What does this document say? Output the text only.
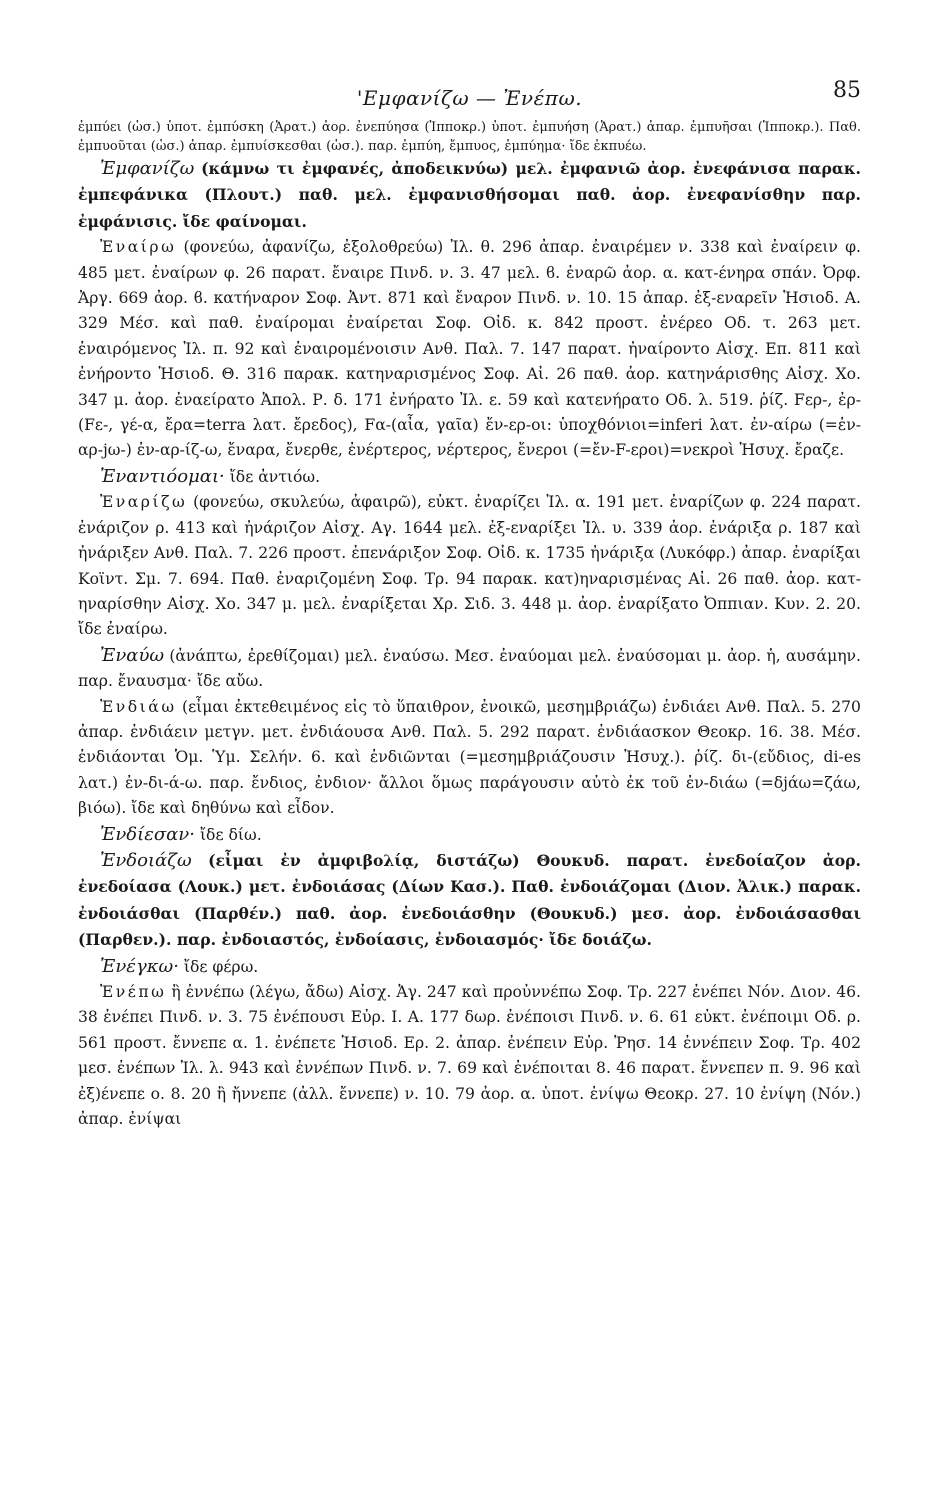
'Εμφανίζω — Ἐνέπω.	85

ἐμπύει (ὡσ.) ὑποτ. ἐμπύσκη (Ἀρατ.) ἀορ. ἐνεπύησα (Ἱπποκρ.) ὑποτ. ἐμπυήση (Ἀρατ.) ἀπαρ. ἐμπυῆσαι (Ἱπποκρ.). Παθ. ἐμπυοῦται (ὡσ.) ἀπαρ. ἐμπυίσκεσθαι (ὡσ.). παρ. ἐμπύη, ἔμπυος, ἐμπύημα· ἴδε ἐκπυέω.

Ἐμφανίζω (κάμνω τι ἐμφανές, ἀποδεικνύω) μελ. ἐμφανιῶ ἀορ. ἐνεφάνισα παρακ. ἐμπεφάνικα (Πλουτ.) παθ. μελ. ἐμφανισθήσομαι παθ. ἀορ. ἐνεφανίσθην παρ. ἐμφάνισις. ἴδε φαίνομαι.

Ἐναίρω (φονεύω, ἀφανίζω, ἐξολοθρεύω) Ἰλ. θ. 296 ἀπαρ. ἐναιρέμεν ν. 338 καὶ ἐναίρειν φ. 485 μετ. ἐναίρων φ. 26 παρατ. ἔναιρε Πινδ. ν. 3. 47 μελ. ϐ. ἐναρῶ ἀορ. α. κατ-ένηρα σπάν. Ὀρφ. Ἀργ. 669 ἀορ. ϐ. κατήναρον Σοφ. Ἀντ. 871 καὶ ἔναρον Πινδ. ν. 10. 15 ἀπαρ. ἐξ-εναρεῖν Ἡσιοδ. Α. 329 Μέσ. καὶ παθ. ἐναίρομαι ἐναίρεται Σοφ. Οἰδ. κ. 842 προστ. ἐνέρεο Οδ. τ. 263 μετ. ἐναιρόμενος Ἰλ. π. 92 καὶ ἐναιρομένοισιν Ανθ. Παλ. 7. 147 παρατ. ἠναίροντο Αἰσχ. Επ. 811 καὶ ἐνήροντο Ἡσιοδ. Θ. 316 παρακ. κατηναρισμένος Σοφ. Αἰ. 26 παθ. ἀορ. κατηνάρισθης Αἰσχ. Χο. 347 μ. ἀορ. ἐναείρατο Ἀπολ. Ρ. δ. 171 ἐνήρατο Ἰλ. ε. 59 καὶ κατενήρατο Οδ. λ. 519. ῥίζ. Fερ-, ἐρ- (Fε-, γέ-α, ἔρα=terra λατ. ἔρεδος), Fα-(αἶα, γαῖα) ἔν-ερ-οι: ὑποχθόνιοι=inferi λατ. ἐν-αίρω (=ἐν-αρ-jω-) ἐν-αρ-ίζ-ω, ἔναρα, ἔνερθε, ἐνέρτερος, νέρτερος, ἔνεροι (=ἔν-F-εροι)=νεκροὶ Ἡσυχ. ἔραζε.

Ἐναντιόομαι· ἴδε ἀντιόω.

Ἐναρίζω (φονεύω, σκυλεύω, ἀφαιρῶ), εὐκτ. ἐναρίζει Ἰλ. α. 191 μετ. ἐναρίζων φ. 224 παρατ. ἐνάριζον ρ. 413 καὶ ἠνάριζον Αἰσχ. Αγ. 1644 μελ. ἐξ-εναρίξει Ἰλ. υ. 339 ἀορ. ἐνάριξα ρ. 187 καὶ ἠνάριξεν Ανθ. Παλ. 7. 226 προστ. ἐπενάριξον Σοφ. Οἰδ. κ. 1735 ἠνάριξα (Λυκόφρ.) ἀπαρ. ἐναρίξαι Κοϊντ. Σμ. 7. 694. Παθ. ἐναριζομένη Σοφ. Τρ. 94 παρακ. κατ)ηναρισμένας Αἰ. 26 παθ. ἀορ. κατ-ηναρίσθην Αἰσχ. Χο. 347 μ. μελ. ἐναρίξεται Χρ. Σιδ. 3. 448 μ. ἀορ. ἐναρίξατο Ὀππιαν. Κυν. 2. 20. ἴδε ἐναίρω.

Ἐναύω (ἀνάπτω, ἐρεθίζομαι) μελ. ἐναύσω. Μεσ. ἐναύομαι μελ. ἐναύσομαι μ. ἀορ. ἡ, αυσάμην. παρ. ἔναυσμα· ἴδε αὔω.

Ἐνδιάω (εἶμαι ἐκτεθειμένος εἰς τὸ ὕπαιθρον, ἐνοικῶ, μεσημβριάζω) ἐνδιάει Ανθ. Παλ. 5. 270 ἀπαρ. ἐνδιάειν μετγν. μετ. ἐνδιάουσα Ανθ. Παλ. 5. 292 παρατ. ἐνδιάασκον Θεοκρ. 16. 38. Μέσ. ἐνδιάονται Ὁμ. Ὑμ. Σελήν. 6. καὶ ἐνδιῶνται (=μεσημβριάζουσιν Ἡσυχ.). ῥίζ. δι-(εὔδιος, di-es λατ.) ἐν-δι-ά-ω. παρ. ἔνδιος, ἐνδιον· ἄλλοι ὅμως παράγουσιν αὐτὸ ἐκ τοῦ ἐν-διάω (=δjάω=ζάω, βιόω). ἴδε καὶ δηθύνω καὶ εἶδον.

Ἐνδίεσαν· ἴδε δίω.

Ἐνδοιάζω (εἶμαι ἐν ἀμφιβολίᾳ, διστάζω) Θουκυδ. παρατ. ἐνεδοίαζον ἀορ. ἐνεδοίασα (Λουκ.) μετ. ἐνδοιάσας (Δίων Κασ.). Παθ. ἐνδοιάζομαι (Διον. Ἀλικ.) παρακ. ἐνδοιάσθαι (Παρθέν.) παθ. ἀορ. ἐνεδοιάσθην (Θουκυδ.) μεσ. ἀορ. ἐνδοιάσασθαι (Παρθεν.). παρ. ἐνδοιαστός, ἐνδοίασις, ἐνδοιασμός· ἴδε δοιάζω.

Ἐνέγκω· ἴδε φέρω.

Ἐνέπω ἢ ἐννέπω (λέγω, ἄδω) Αἰσχ. Ἀγ. 247 καὶ προὐννέπω Σοφ. Τρ. 227 ἐνέπει Νόν. Διον. 46. 38 ἐνέπει Πινδ. ν. 3. 75 ἐνέπουσι Εὐρ. Ι. Α. 177 δωρ. ἐνέποισι Πινδ. ν. 6. 61 εὐκτ. ἐνέποιμι Οδ. ρ. 561 προστ. ἔννεπε α. 1. ἐνέπετε Ἡσιοδ. Ερ. 2. ἀπαρ. ἐνέπειν Εὐρ. Ῥησ. 14 ἐννέπειν Σοφ. Τρ. 402 μεσ. ἐνέπων Ἰλ. λ. 943 καὶ ἐννέπων Πινδ. ν. 7. 69 καὶ ἐνέποιται 8. 46 παρατ. ἔννεπεν π. 9. 96 καὶ ἐξ)ένεπε ο. 8. 20 ἢ ἤννεπε (ἀλλ. ἔννεπε) ν. 10. 79 ἀορ. α. ὑποτ. ἐνίψω Θεοκρ. 27. 10 ἐνίψη (Νόν.) ἀπαρ. ἐνίψαι
